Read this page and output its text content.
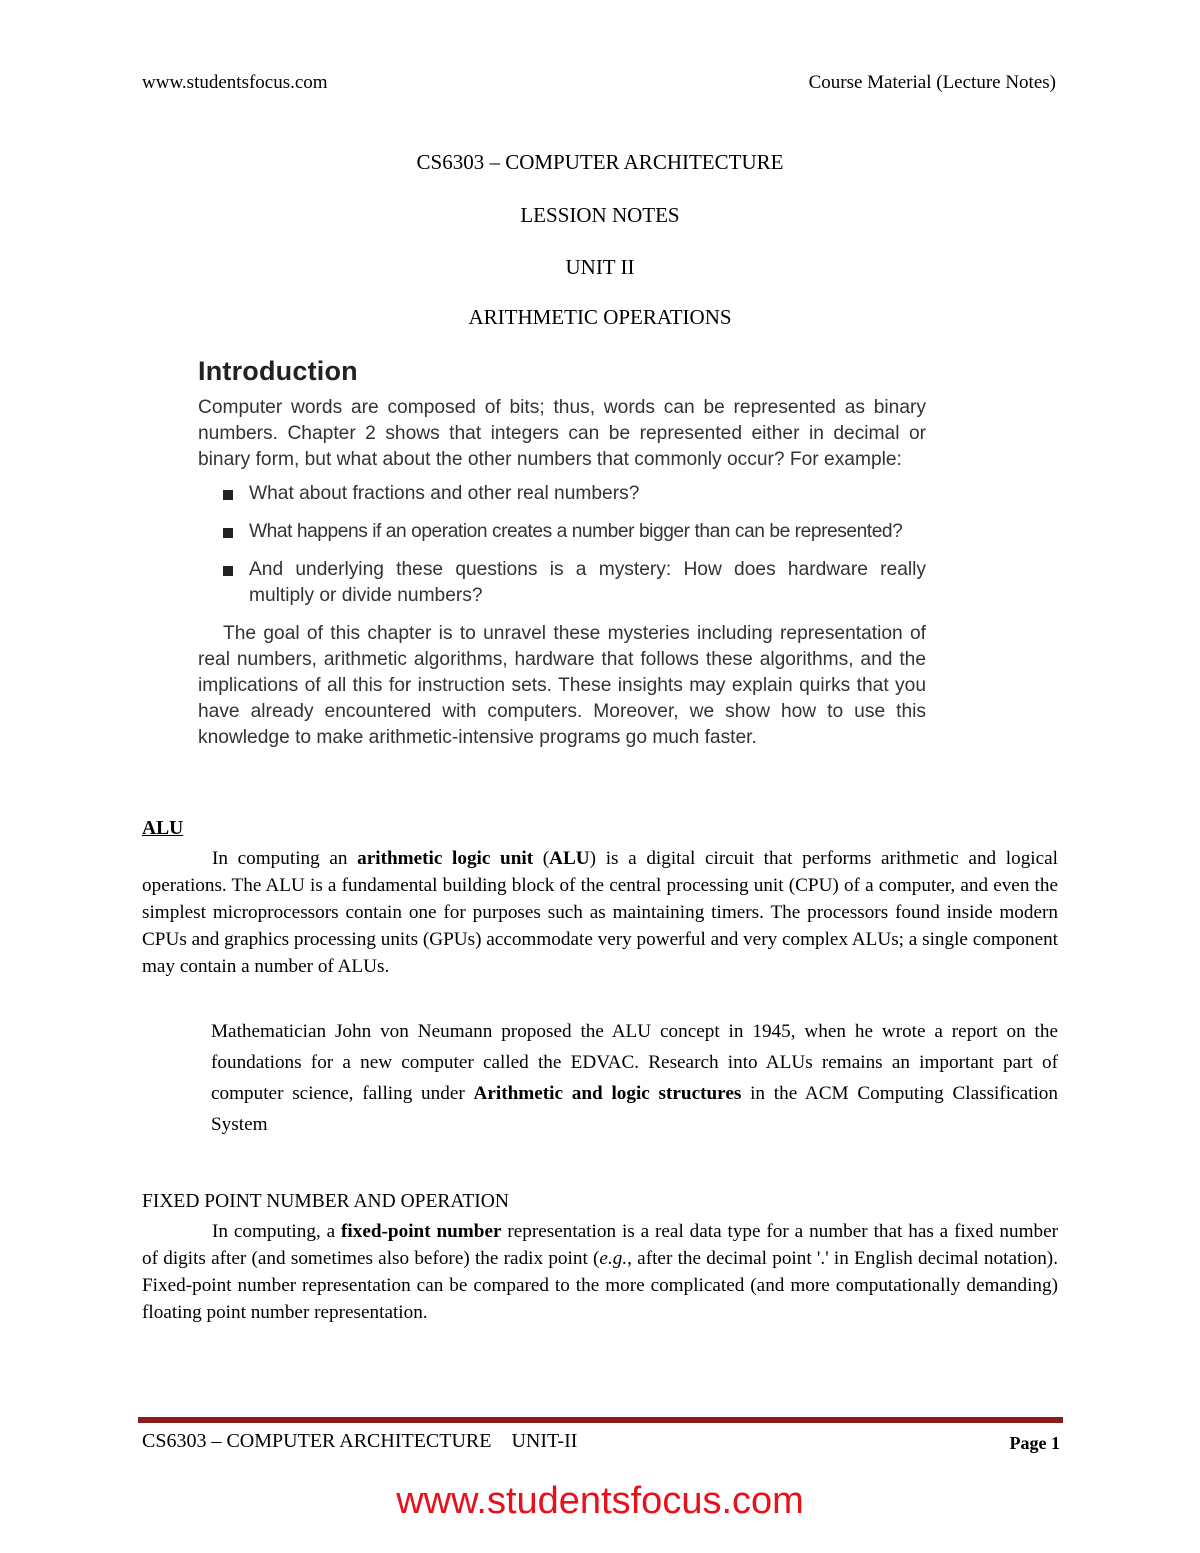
www.studentsfocus.com	Course Material (Lecture Notes)
CS6303 – COMPUTER ARCHITECTURE
LESSION NOTES
UNIT II
ARITHMETIC OPERATIONS
Introduction

Computer words are composed of bits; thus, words can be represented as binary numbers. Chapter 2 shows that integers can be represented either in decimal or binary form, but what about the other numbers that commonly occur? For example:

What about fractions and other real numbers?
What happens if an operation creates a number bigger than can be represented?
And underlying these questions is a mystery: How does hardware really multiply or divide numbers?

The goal of this chapter is to unravel these mysteries including representation of real numbers, arithmetic algorithms, hardware that follows these algorithms, and the implications of all this for instruction sets. These insights may explain quirks that you have already encountered with computers. Moreover, we show how to use this knowledge to make arithmetic-intensive programs go much faster.

ALU
In computing an arithmetic logic unit (ALU) is a digital circuit that performs arithmetic and logical operations. The ALU is a fundamental building block of the central processing unit (CPU) of a computer, and even the simplest microprocessors contain one for purposes such as maintaining timers. The processors found inside modern CPUs and graphics processing units (GPUs) accommodate very powerful and very complex ALUs; a single component may contain a number of ALUs.
Mathematician John von Neumann proposed the ALU concept in 1945, when he wrote a report on the foundations for a new computer called the EDVAC. Research into ALUs remains an important part of computer science, falling under Arithmetic and logic structures in the ACM Computing Classification System
FIXED POINT NUMBER AND OPERATION
In computing, a fixed-point number representation is a real data type for a number that has a fixed number of digits after (and sometimes also before) the radix point (e.g., after the decimal point '.' in English decimal notation). Fixed-point number representation can be compared to the more complicated (and more computationally demanding) floating point number representation.
CS6303 – COMPUTER ARCHITECTURE    UNIT-II	Page 1
www.studentsfocus.com
